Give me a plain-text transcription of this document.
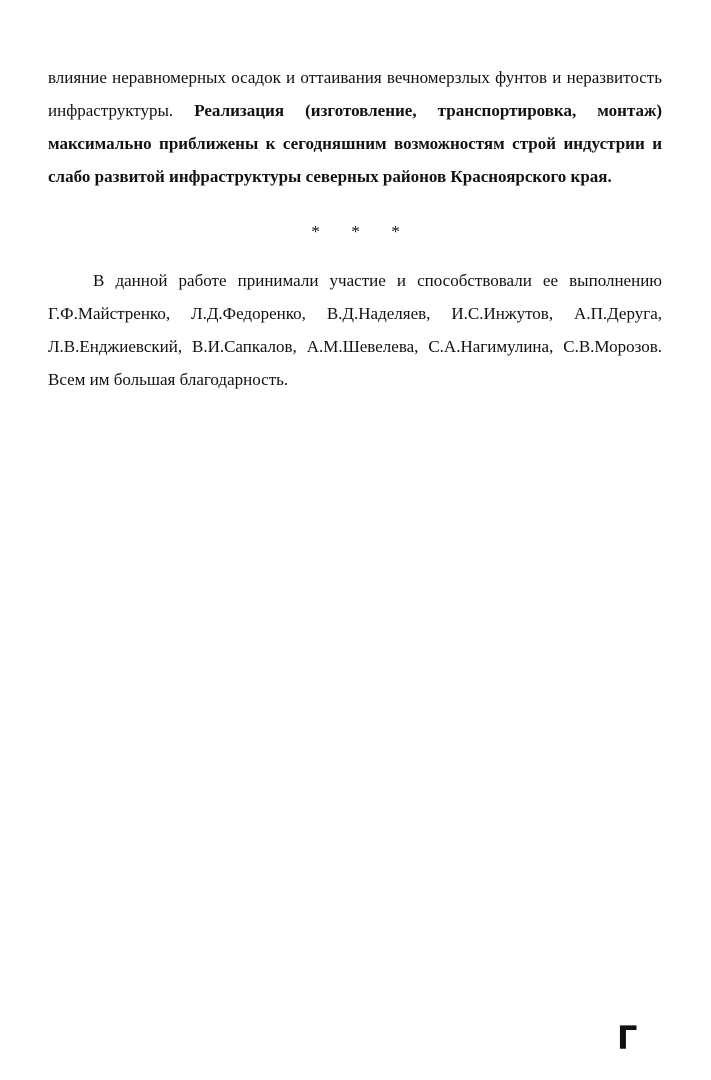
влияние неравномерных осадок и оттаивания вечномерзлых фунтов и неразвитость инфраструктуры. Реализация (изготовление, транспортировка, монтаж) максимально приближены к сегодняшним возможностям строй индустрии и слабо развитой инфраструктуры северных районов Красноярского края.

* * *

В данной работе принимали участие и способствовали ее выполнению Г.Ф.Майстренко, Л.Д.Федоренко, В.Д.Наделяев, И.С.Инжутов, А.П.Деруга, Л.В.Енджиевский, В.И.Сапкалов, А.М.Шевелева, С.А.Нагимулина, С.В.Морозов. Всем им большая благодарность.

Г
